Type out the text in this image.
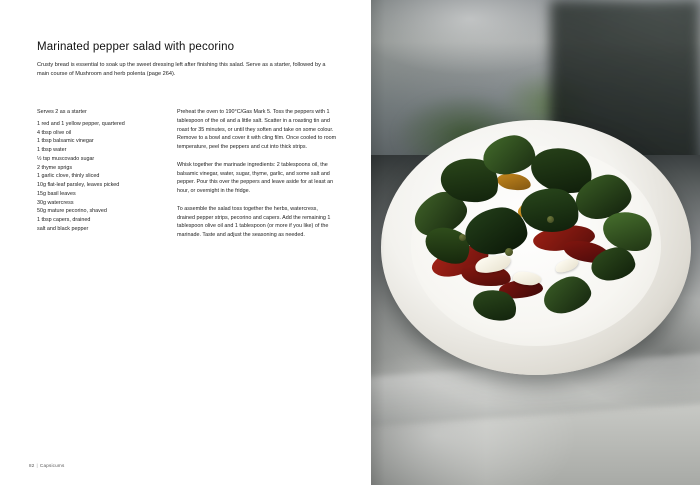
Marinated pepper salad with pecorino

Crusty bread is essential to soak up the sweet dressing left after finishing this salad. Serve as a starter, followed by a main course of Mushroom and herb polenta (page 264).

Serves 2 as a starter

1 red and 1 yellow pepper, quartered
4 tbsp olive oil
1 tbsp balsamic vinegar
1 tbsp water
½ tsp muscovado sugar
2 thyme sprigs
1 garlic clove, thinly sliced
10g flat-leaf parsley, leaves picked
15g basil leaves
30g watercress
50g mature pecorino, shaved
1 tbsp capers, drained
salt and black pepper

Preheat the oven to 190°C/Gas Mark 5. Toss the peppers with 1 tablespoon of the oil and a little salt. Scatter in a roasting tin and roast for 35 minutes, or until they soften and take on some colour. Remove to a bowl and cover it with cling film. Once cooled to room temperature, peel the peppers and cut into thick strips.

Whisk together the marinade ingredients: 2 tablespoons oil, the balsamic vinegar, water, sugar, thyme, garlic, and some salt and pepper. Pour this over the peppers and leave aside for at least an hour, or overnight in the fridge.

To assemble the salad toss together the herbs, watercress, drained pepper strips, pecorino and capers. Add the remaining 1 tablespoon olive oil and 1 tablespoon (or more if you like) of the marinade. Taste and adjust the seasoning as needed.

82 | Capsicums
